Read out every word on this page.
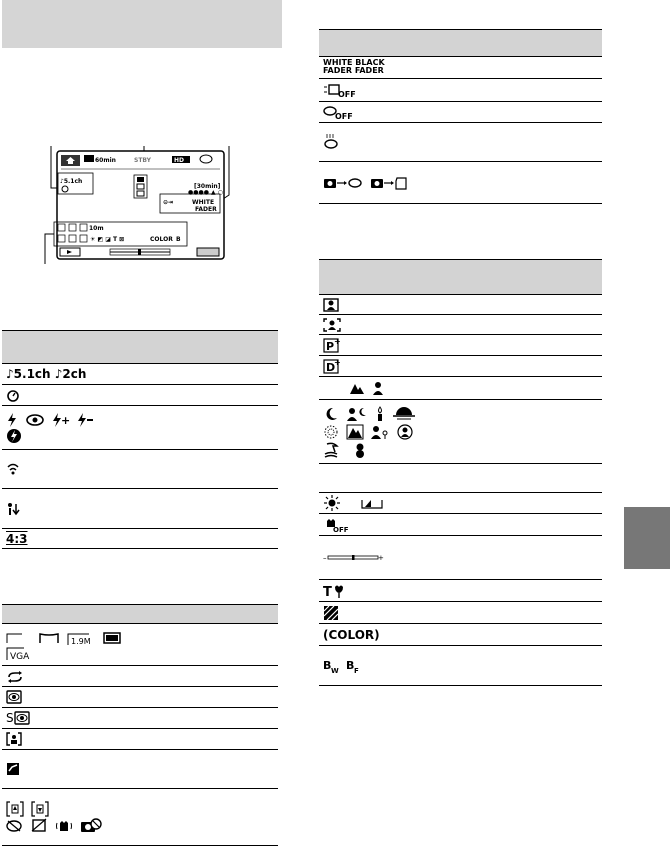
60min	STBY	HD
♪5.1ch
[30min]
●●●● ▲ ○
⊝⇥	WHITE
FADER
10m
☀ ◩ ◪ T ⊠	COLOR B

♪5.1ch ♪2ch

+

4:3

1.9M

VGA

S

WHITE BLACK
FADER FADER

OFF

OFF

P +

D
+

OFF

–	+

T

(COLOR)

B W
B F
